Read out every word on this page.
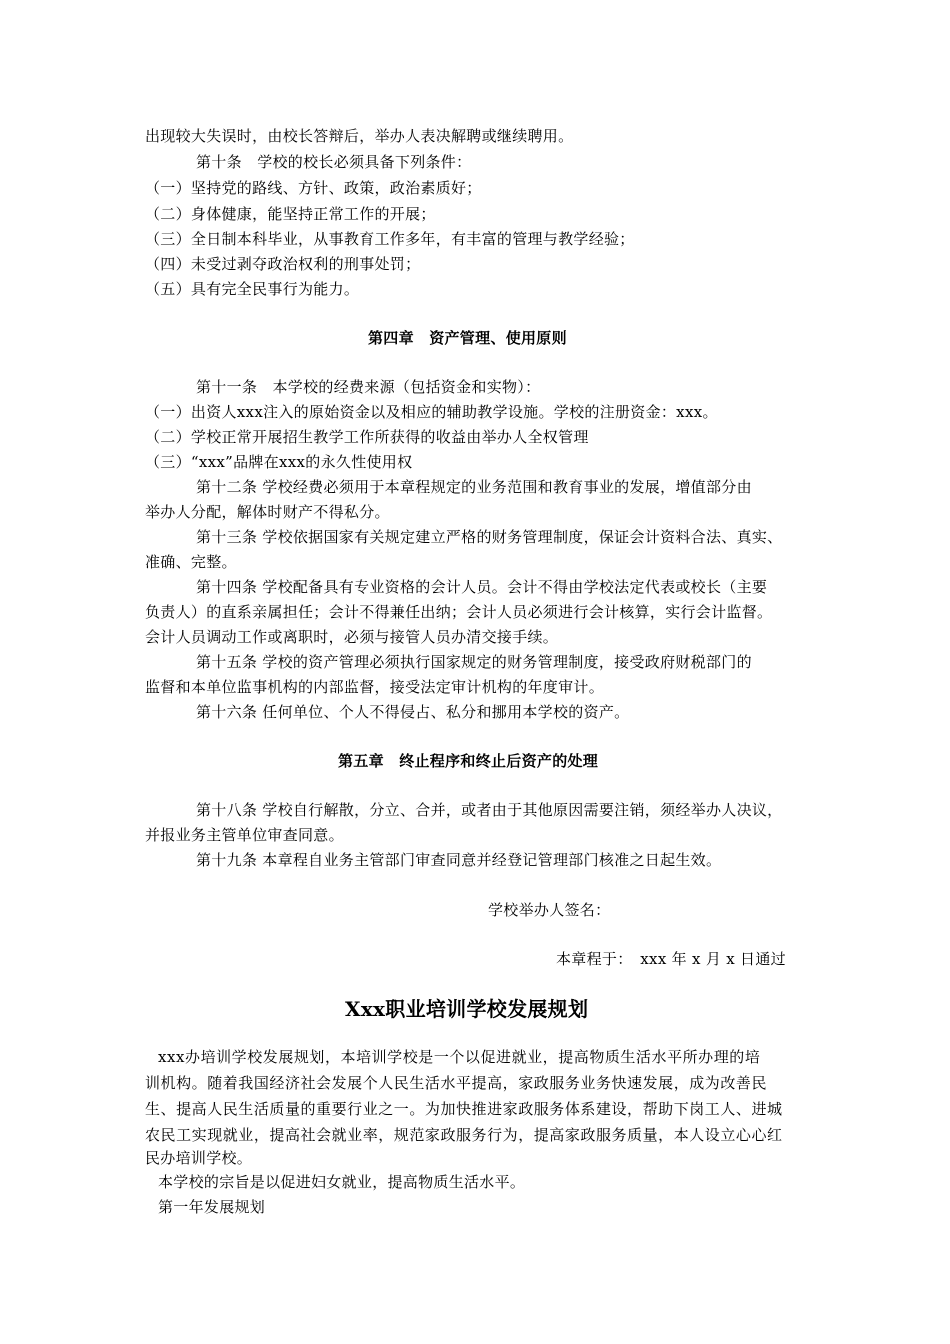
出现较大失误时，由校长答辩后，举办人表决解聘或继续聘用。
第十条　学校的校长必须具备下列条件：
（一）坚持党的路线、方针、政策，政治素质好；
（二）身体健康，能坚持正常工作的开展；
（三）全日制本科毕业，从事教育工作多年，有丰富的管理与教学经验；
（四）未受过剥夺政治权利的刑事处罚；
（五）具有完全民事行为能力。
第四章　资产管理、使用原则
第十一条　本学校的经费来源（包括资金和实物）：
（一）出资人xxx注入的原始资金以及相应的辅助教学设施。学校的注册资金：xxx。
（二）学校正常开展招生教学工作所获得的收益由举办人全权管理
（三）“xxx”品牌在xxx的永久性使用权
第十二条 学校经费必须用于本章程规定的业务范围和教育事业的发展，增值部分由
举办人分配，解体时财产不得私分。
第十三条 学校依据国家有关规定建立严格的财务管理制度，保证会计资料合法、真实、
准确、完整。
第十四条 学校配备具有专业资格的会计人员。会计不得由学校法定代表或校长（主要
负责人）的直系亲属担任；会计不得兼任出纳；会计人员必须进行会计核算，实行会计监督。
会计人员调动工作或离职时，必须与接管人员办清交接手续。
第十五条 学校的资产管理必须执行国家规定的财务管理制度，接受政府财税部门的
监督和本单位监事机构的内部监督，接受法定审计机构的年度审计。
第十六条 任何单位、个人不得侵占、私分和挪用本学校的资产。
第五章　终止程序和终止后资产的处理
第十八条 学校自行解散，分立、合并，或者由于其他原因需要注销，须经举办人决议，
并报业务主管单位审查同意。
第十九条 本章程自业务主管部门审查同意并经登记管理部门核准之日起生效。
学校举办人签名：
本章程于：　xxx 年 x 月 x 日通过
Xxx职业培训学校发展规划
xxx办培训学校发展规划，本培训学校是一个以促进就业，提高物质生活水平所办理的培
训机构。随着我国经济社会发展个人民生活水平提高，家政服务业务快速发展，成为改善民
生、提高人民生活质量的重要行业之一。为加快推进家政服务体系建设，帮助下岗工人、进城
农民工实现就业，提高社会就业率，规范家政服务行为，提高家政服务质量，本人设立心心红
民办培训学校。
本学校的宗旨是以促进妇女就业，提高物质生活水平。
第一年发展规划
